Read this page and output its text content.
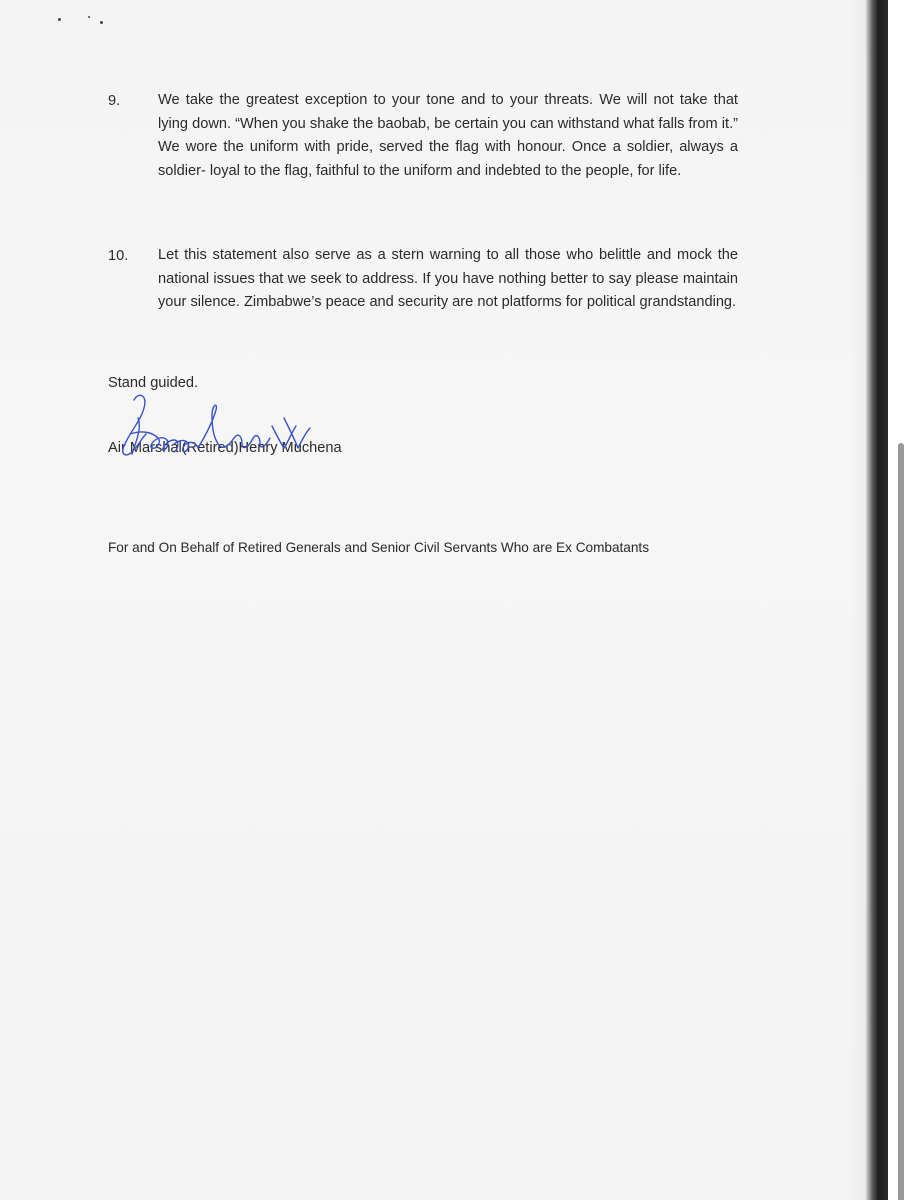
9.	We take the greatest exception to your tone and to your threats. We will not take that lying down. “When you shake the baobab, be certain you can withstand what falls from it.” We wore the uniform with pride, served the flag with honour. Once a soldier, always a soldier- loyal to the flag, faithful to the uniform and indebted to the people, for life.
10. Let this statement also serve as a stern warning to all those who belittle and mock the national issues that we seek to address. If you have nothing better to say please maintain your silence. Zimbabwe’s peace and security are not platforms for political grandstanding.
Stand guided.
Air Marshal(Retired)Henry Muchena
For and On Behalf of Retired Generals and Senior Civil Servants Who are Ex Combatants
